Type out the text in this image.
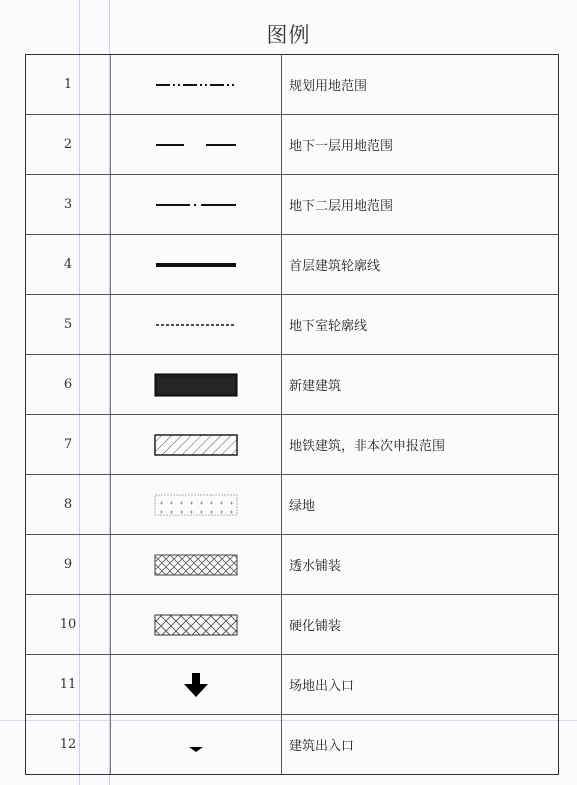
图例
1		规划用地范围
2		地下一层用地范围
3		地下二层用地范围
4		首层建筑轮廓线
5		地下室轮廓线
6		新建建筑
7		地铁建筑，非本次申报范围
8		绿地
9		透水铺装
10		硬化铺装
11		场地出入口
12		建筑出入口
